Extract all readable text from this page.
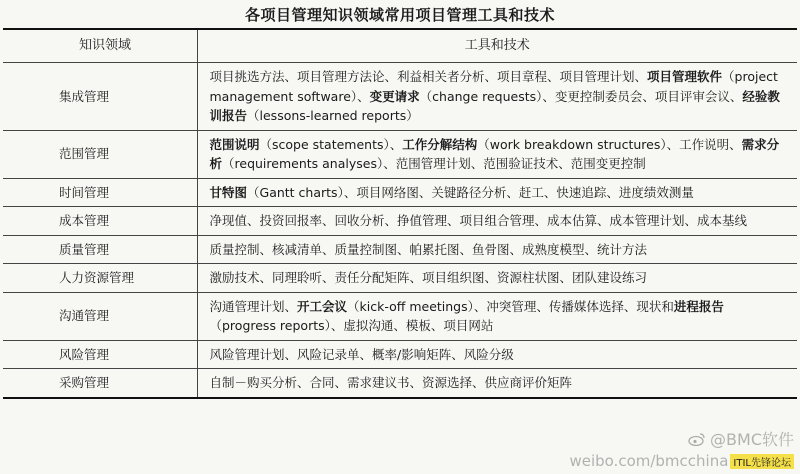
各项目管理知识领域常用项目管理工具和技术
知识领域	工具和技术
集成管理	项目挑选方法、项目管理方法论、利益相关者分析、项目章程、项目管理计划、项目管理软件（project management software）、变更请求（change requests）、变更控制委员会、项目评审会议、经验教训报告（lessons-learned reports）
范围管理	范围说明（scope statements）、工作分解结构（work breakdown structures）、工作说明、需求分析（requirements analyses）、范围管理计划、范围验证技术、范围变更控制
时间管理	甘特图（Gantt charts）、项目网络图、关键路径分析、赶工、快速追踪、进度绩效测量
成本管理	净现值、投资回报率、回收分析、挣值管理、项目组合管理、成本估算、成本管理计划、成本基线
质量管理	质量控制、核减清单、质量控制图、帕累托图、鱼骨图、成熟度模型、统计方法
人力资源管理	激励技术、同理聆听、责任分配矩阵、项目组织图、资源柱状图、团队建设练习
沟通管理	沟通管理计划、开工会议（kick-off meetings）、冲突管理、传播媒体选择、现状和进程报告（progress reports）、虚拟沟通、模板、项目网站
风险管理	风险管理计划、风险记录单、概率/影响矩阵、风险分级
采购管理	自制－购买分析、合同、需求建议书、资源选择、供应商评价矩阵
@BMC软件
weibo.com/bmcchina ITIL先锋论坛
